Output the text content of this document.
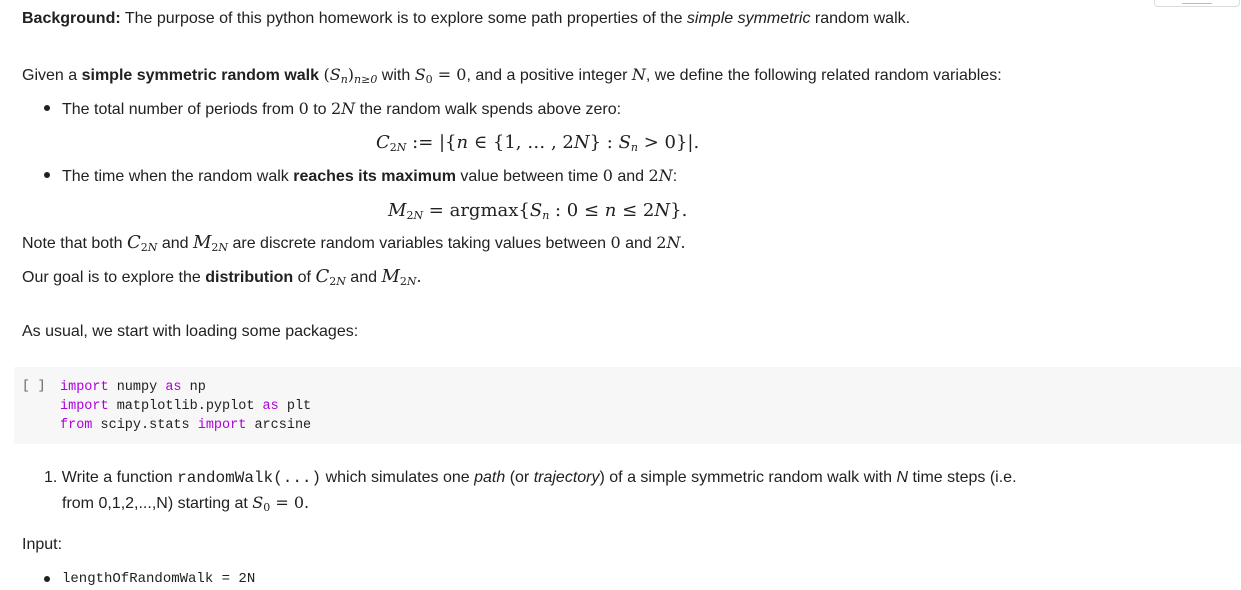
Background: The purpose of this python homework is to explore some path properties of the simple symmetric random walk.
Given a simple symmetric random walk $(S_n)_{n\ge 0}$ with $S_0 = 0$, and a positive integer N, we define the following related random variables:
The total number of periods from 0 to 2N the random walk spends above zero:
$C_{2N}$ := |{n ∈ {1, … , 2N} : $S_n > 0\}|$.
The time when the random walk reaches its maximum value between time 0 and 2N:
$M_{2N} = argmax\{S_n$ : 0 ≤ n ≤ 2N}.
Note that both $C_{2N}$ and $M_{2N}$ are discrete random variables taking values between 0 and 2N.
Our goal is to explore the distribution of $C_{2N}$ and $M_{2N}$.
As usual, we start with loading some packages:
[ ] import numpy as np
import matplotlib.pyplot as plt
from scipy.stats import arcsine
1. Write a function randomWalk(...) which simulates one path (or trajectory) of a simple symmetric random walk with N time steps (i.e.
from 0,1,2,...,N) starting at $S_0 = 0$.
Input:
lengthOfRandomWalk = 2N
